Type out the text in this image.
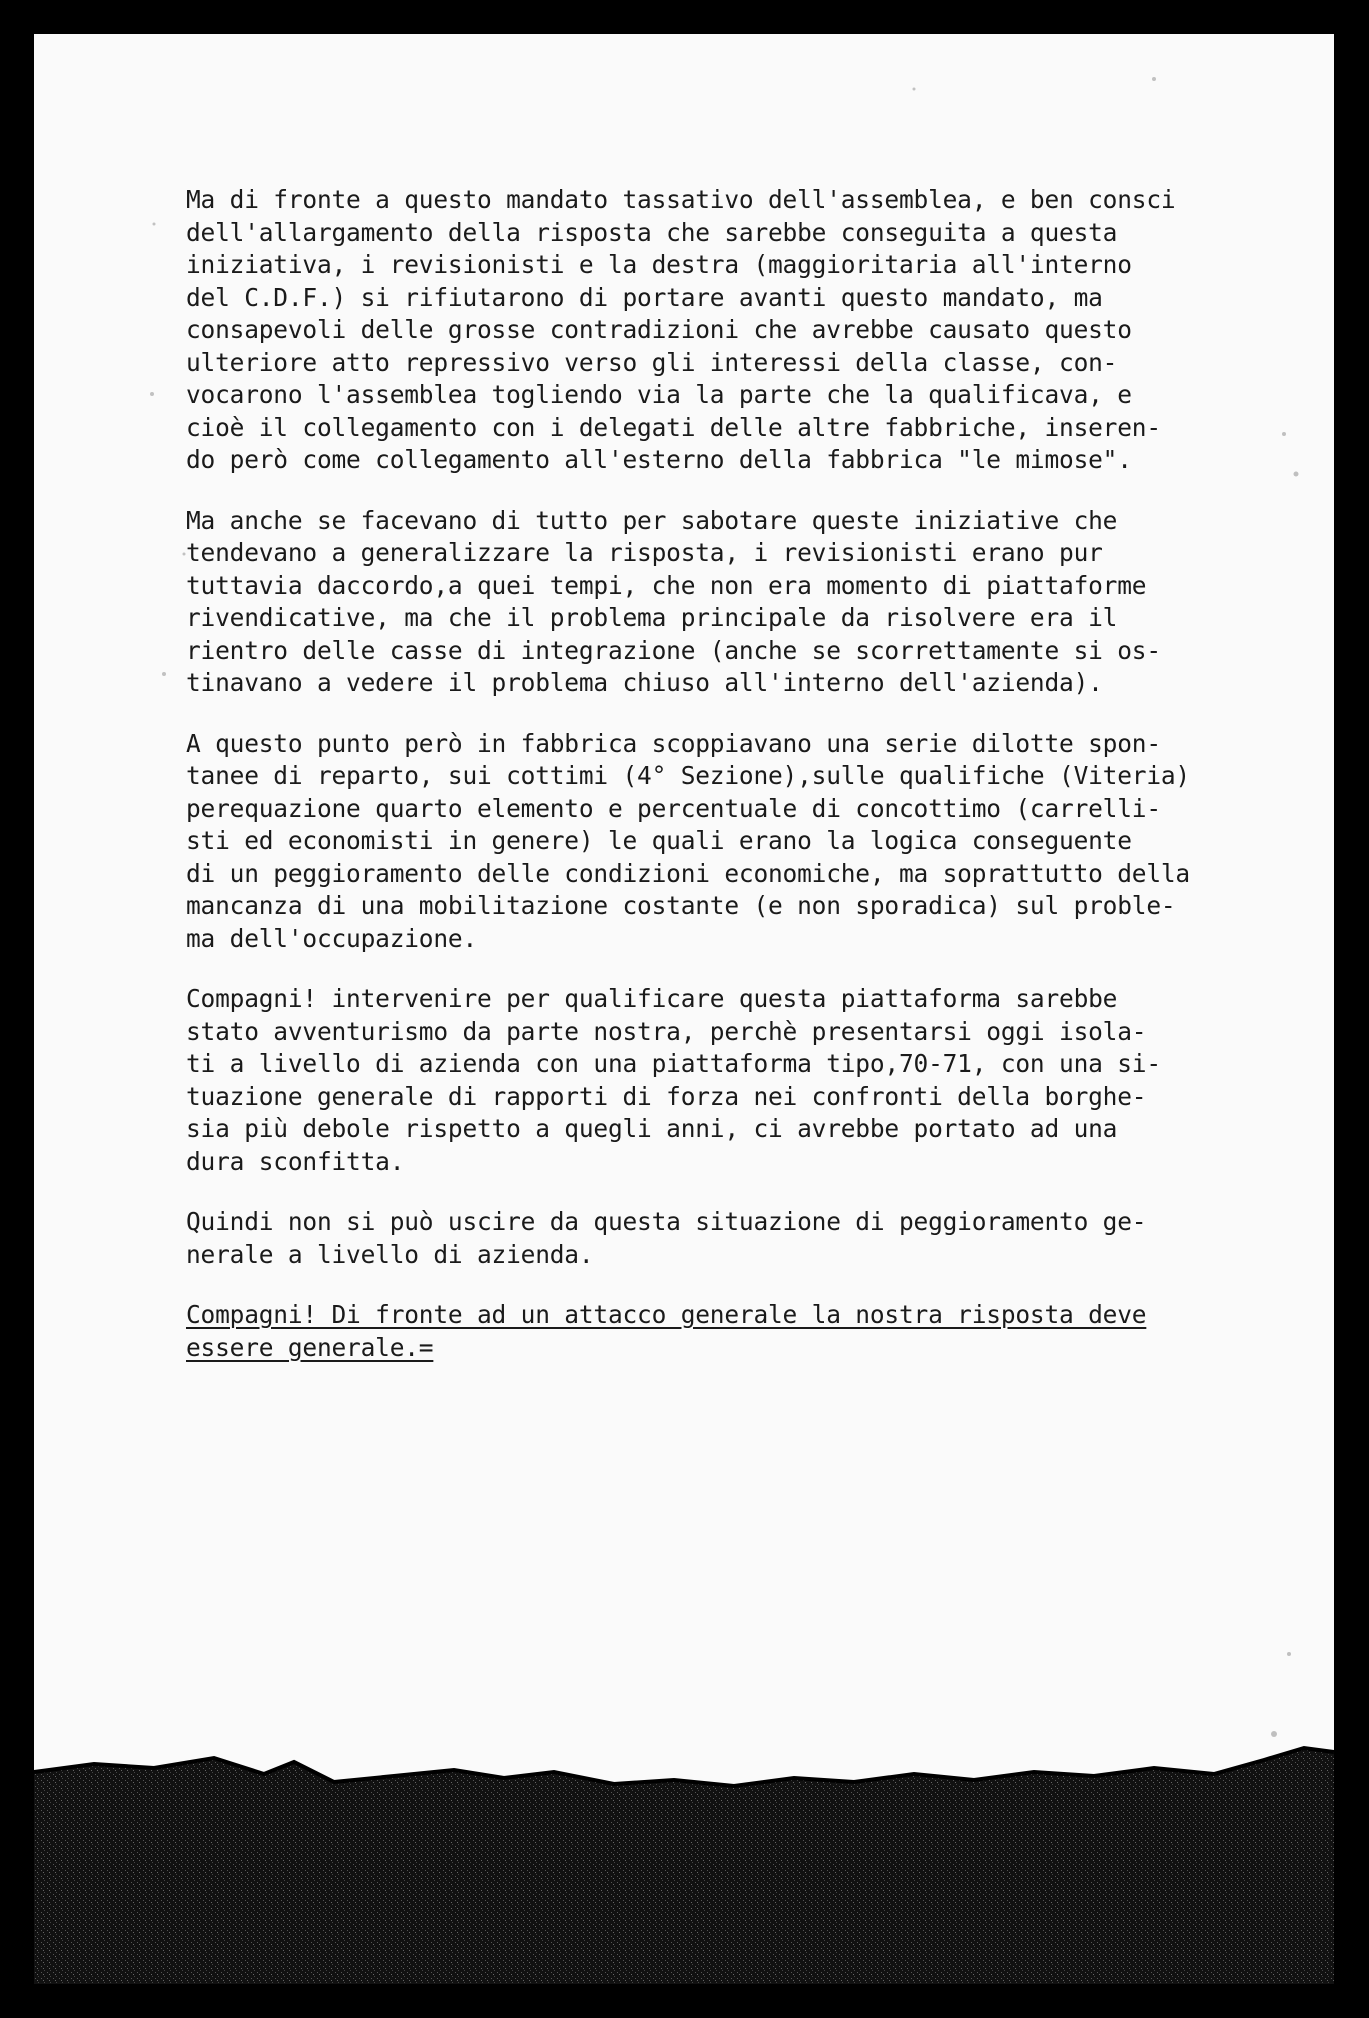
Ma di fronte a questo mandato tassativo dell'assemblea, e ben consci
dell'allargamento della risposta che sarebbe conseguita a questa
iniziativa, i revisionisti e la destra (maggioritaria all'interno
del C.D.F.) si rifiutarono di portare avanti questo mandato, ma
consapevoli delle grosse contradizioni che avrebbe causato questo
ulteriore atto repressivo verso gli interessi della classe, con-
vocarono l'assemblea togliendo via la parte che la qualificava, e
cioè il collegamento con i delegati delle altre fabbriche, inseren-
do però come collegamento all'esterno della fabbrica "le mimose".

Ma anche se facevano di tutto per sabotare queste iniziative che
tendevano a generalizzare la risposta, i revisionisti erano pur
tuttavia daccordo,a quei tempi, che non era momento di piattaforme
rivendicative, ma che il problema principale da risolvere era il
rientro delle casse di integrazione (anche se scorrettamente si os-
tinavano a vedere il problema chiuso all'interno dell'azienda).

A questo punto però in fabbrica scoppiavano una serie dilotte spon-
tanee di reparto, sui cottimi (4° Sezione),sulle qualifiche (Viteria)
perequazione quarto elemento e percentuale di concottimo (carrelli-
sti ed economisti in genere) le quali erano la logica conseguente
di un peggioramento delle condizioni economiche, ma soprattutto della
mancanza di una mobilitazione costante (e non sporadica) sul proble-
ma dell'occupazione.

Compagni! intervenire per qualificare questa piattaforma sarebbe
stato avventurismo da parte nostra, perchè presentarsi oggi isola-
ti a livello di azienda con una piattaforma tipo,70-71, con una si-
tuazione generale di rapporti di forza nei confronti della borghe-
sia più debole rispetto a quegli anni, ci avrebbe portato ad una
dura sconfitta.

Quindi non si può uscire da questa situazione di peggioramento ge-
nerale a livello di azienda.

Compagni! Di fronte ad un attacco generale la nostra risposta deve
essere generale.=
